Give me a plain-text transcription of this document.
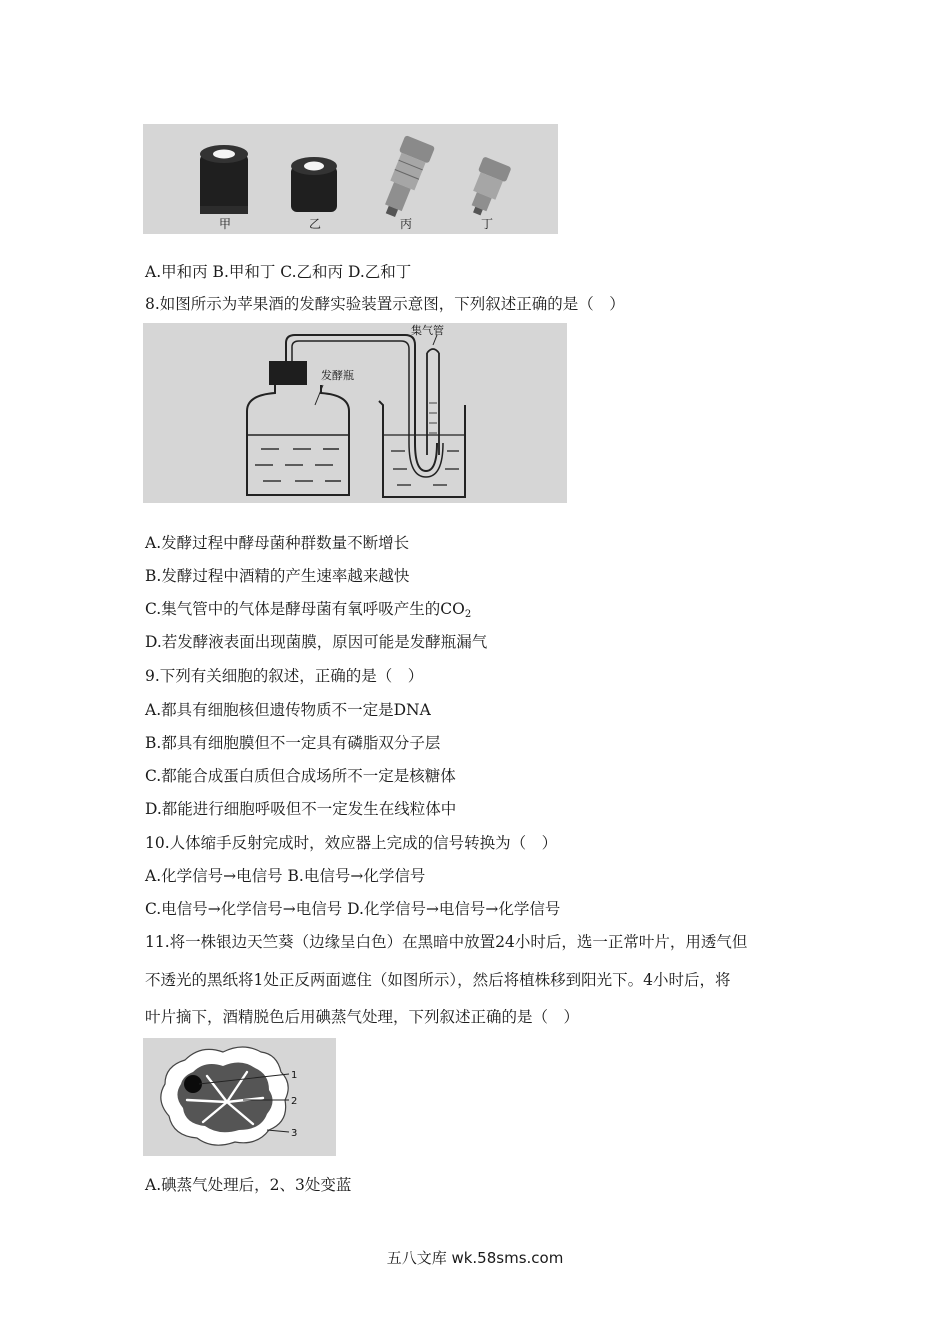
甲	乙	丙	丁
A.甲和丙 B.甲和丁 C.乙和丙 D.乙和丁
8.如图所示为苹果酒的发酵实验装置示意图，下列叙述正确的是（　）
发酵瓶
集气管
A.发酵过程中酵母菌种群数量不断增长
B.发酵过程中酒精的产生速率越来越快
C.集气管中的气体是酵母菌有氧呼吸产生的$CO_2$
D.若发酵液表面出现菌膜，原因可能是发酵瓶漏气
9.下列有关细胞的叙述，正确的是（　）
A.都具有细胞核但遗传物质不一定是DNA
B.都具有细胞膜但不一定具有磷脂双分子层
C.都能合成蛋白质但合成场所不一定是核糖体
D.都能进行细胞呼吸但不一定发生在线粒体中
10.人体缩手反射完成时，效应器上完成的信号转换为（　）
A.化学信号→电信号 B.电信号→化学信号
C.电信号→化学信号→电信号 D.化学信号→电信号→化学信号
11.将一株银边天竺葵（边缘呈白色）在黑暗中放置24小时后，选一正常叶片，用透气但
不透光的黑纸将1处正反两面遮住（如图所示），然后将植株移到阳光下。4小时后，将
叶片摘下，酒精脱色后用碘蒸气处理，下列叙述正确的是（　）
1
2
3
A.碘蒸气处理后，2、3处变蓝
五八文库 wk.58sms.com
